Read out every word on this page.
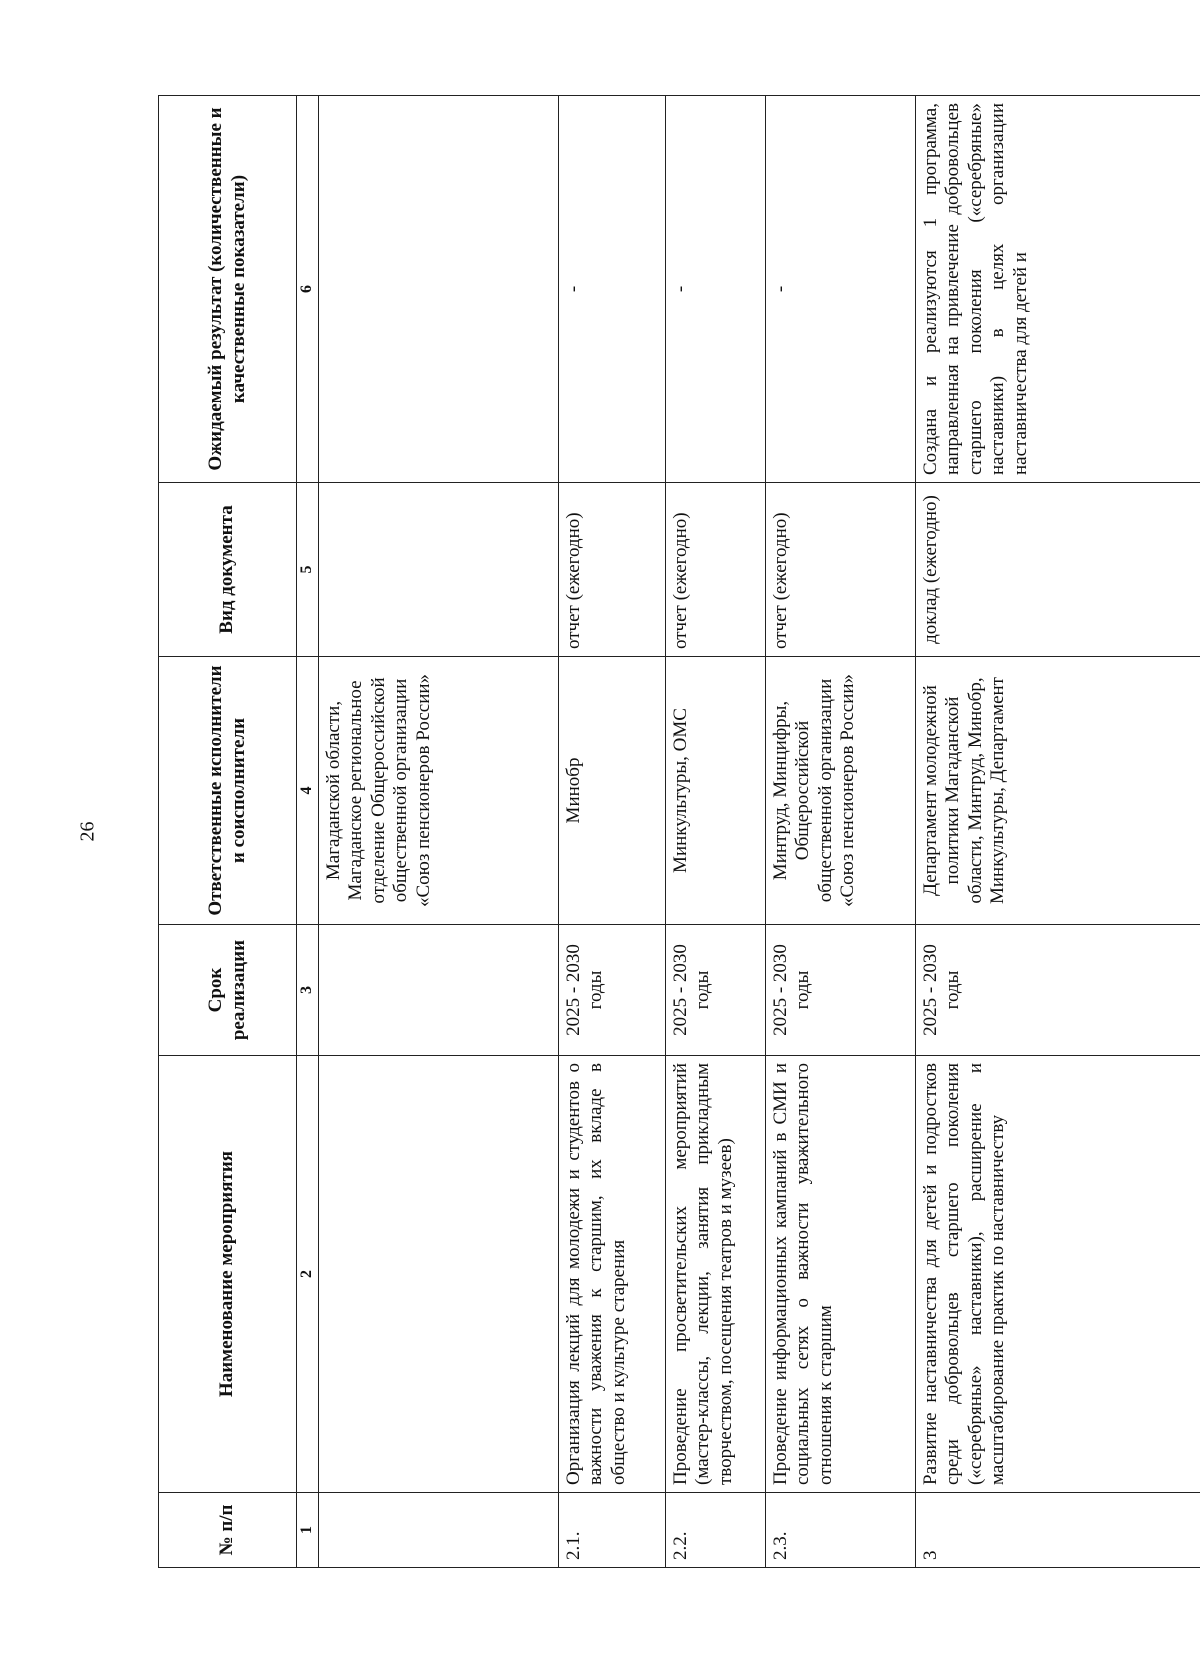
26
№ п/п	Наименование мероприятия	Срок реализации	Ответственные исполнители и соисполнители	Вид документа	Ожидаемый результат (количественные и качественные показатели)
1	2	3	4	5	6
			Магаданской области, Магаданское региональное отделение Общероссийской общественной организации «Союз пенсионеров России»		
2.1.	Организация лекций для молодежи и студентов о важности уважения к старшим, их вкладе в общество и культуре старения	2025 - 2030 годы	Минобр	отчет (ежегодно)	-
2.2.	Проведение просветительских мероприятий (мастер-классы, лекции, занятия прикладным творчеством, посещения театров и музеев)	2025 - 2030 годы	Минкультуры, ОМС	отчет (ежегодно)	-
2.3.	Проведение информационных кампаний в СМИ и социальных сетях о важности уважительного отношения к старшим	2025 - 2030 годы	Минтруд, Минцифры, Общероссийской общественной организации «Союз пенсионеров России»	отчет (ежегодно)	-
3	Развитие наставничества для детей и подростков среди добровольцев старшего поколения («серебряные» наставники), расширение и масштабирование практик по наставничеству	2025 - 2030 годы	Департамент молодежной политики Магаданской области, Минтруд, Минобр, Минкультуры, Департамент	доклад (ежегодно)	Создана и реализуются 1 программа, направленная на привлечение добровольцев старшего поколения («серебряные» наставники) в целях организации наставничества для детей и
